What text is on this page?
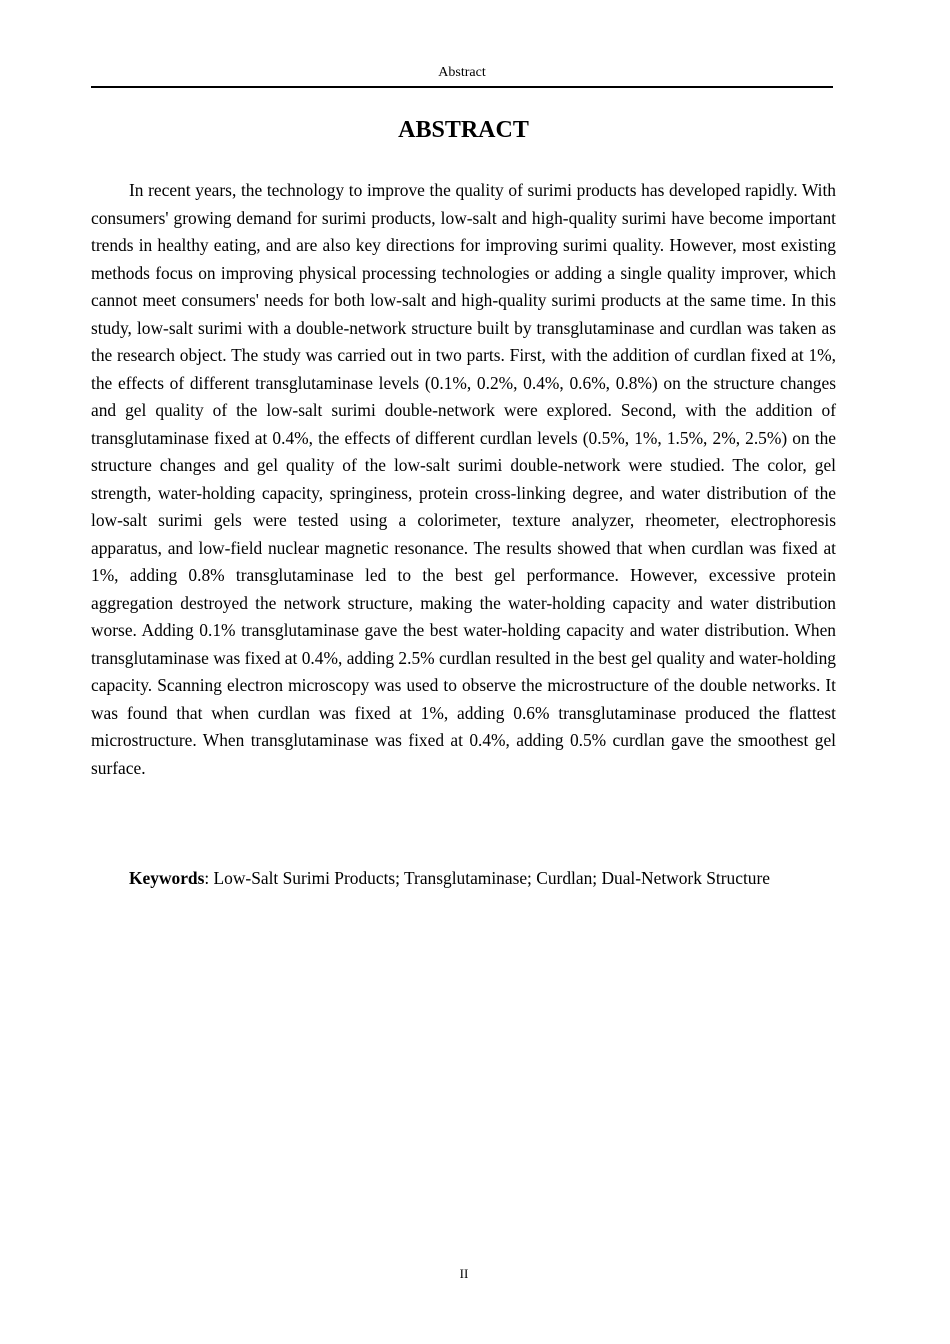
Abstract
ABSTRACT

In recent years, the technology to improve the quality of surimi products has developed rapidly. With consumers' growing demand for surimi products, low-salt and high-quality surimi have become important trends in healthy eating, and are also key directions for improving surimi quality. However, most existing methods focus on improving physical processing technologies or adding a single quality improver, which cannot meet consumers' needs for both low-salt and high-quality surimi products at the same time. In this study, low-salt surimi with a double-network structure built by transglutaminase and curdlan was taken as the research object. The study was carried out in two parts. First, with the addition of curdlan fixed at 1%, the effects of different transglutaminase levels (0.1%, 0.2%, 0.4%, 0.6%, 0.8%) on the structure changes and gel quality of the low-salt surimi double-network were explored. Second, with the addition of transglutaminase fixed at 0.4%, the effects of different curdlan levels (0.5%, 1%, 1.5%, 2%, 2.5%) on the structure changes and gel quality of the low-salt surimi double-network were studied. The color, gel strength, water-holding capacity, springiness, protein cross-linking degree, and water distribution of the low-salt surimi gels were tested using a colorimeter, texture analyzer, rheometer, electrophoresis apparatus, and low-field nuclear magnetic resonance. The results showed that when curdlan was fixed at 1%, adding 0.8% transglutaminase led to the best gel performance. However, excessive protein aggregation destroyed the network structure, making the water-holding capacity and water distribution worse. Adding 0.1% transglutaminase gave the best water-holding capacity and water distribution. When transglutaminase was fixed at 0.4%, adding 2.5% curdlan resulted in the best gel quality and water-holding capacity. Scanning electron microscopy was used to observe the microstructure of the double networks. It was found that when curdlan was fixed at 1%, adding 0.6% transglutaminase produced the flattest microstructure. When transglutaminase was fixed at 0.4%, adding 0.5% curdlan gave the smoothest gel surface.

Keywords: Low-Salt Surimi Products; Transglutaminase; Curdlan; Dual-Network Structure

II
